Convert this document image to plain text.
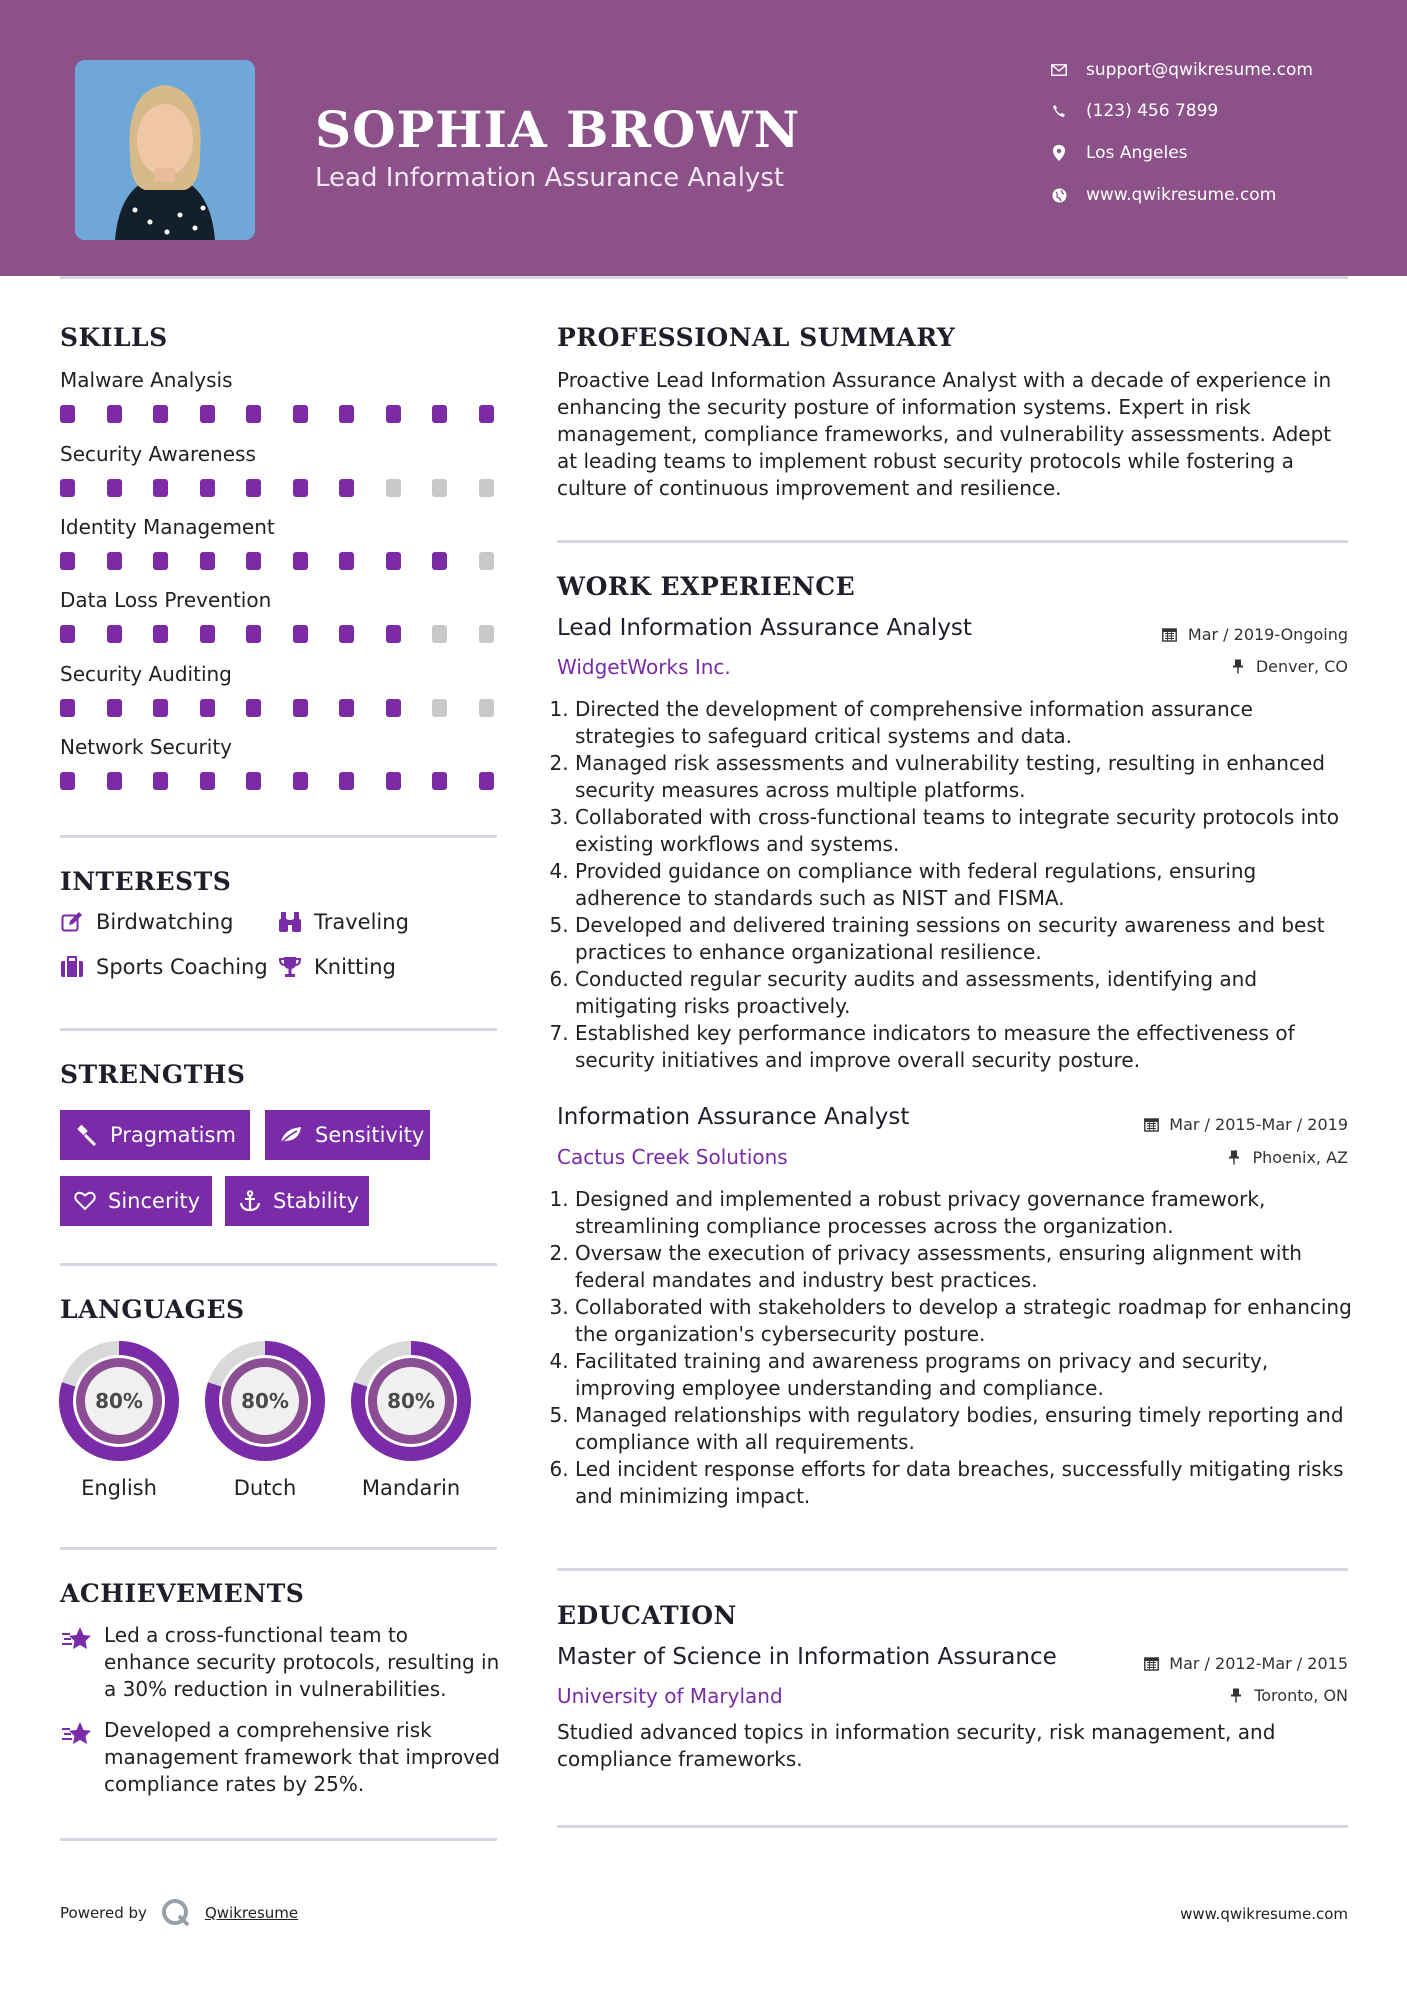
SOPHIA BROWN
Lead Information Assurance Analyst
support@qwikresume.com
(123) 456 7899
Los Angeles
www.qwikresume.com
SKILLS
Malware Analysis
Security Awareness
Identity Management
Data Loss Prevention
Security Auditing
Network Security
INTERESTS
Birdwatching	Traveling
Sports Coaching Knitting
STRENGTHS
Pragmatism	Sensitivity
Sincerity	Stability
LANGUAGES
80%
English
80%
Dutch
80%
Mandarin
ACHIEVEMENTS
Led a cross-functional team to enhance security protocols, resulting in a 30% reduction in vulnerabilities.
Developed a comprehensive risk management framework that improved compliance rates by 25%.
PROFESSIONAL SUMMARY
Proactive Lead Information Assurance Analyst with a decade of experience in enhancing the security posture of information systems. Expert in risk management, compliance frameworks, and vulnerability assessments. Adept at leading teams to implement robust security protocols while fostering a culture of continuous improvement and resilience.
WORK EXPERIENCE
Lead Information Assurance Analyst	Mar / 2019-Ongoing
WidgetWorks Inc.	Denver, CO
1. Directed the development of comprehensive information assurance strategies to safeguard critical systems and data.
2. Managed risk assessments and vulnerability testing, resulting in enhanced security measures across multiple platforms.
3. Collaborated with cross-functional teams to integrate security protocols into existing workflows and systems.
4. Provided guidance on compliance with federal regulations, ensuring adherence to standards such as NIST and FISMA.
5. Developed and delivered training sessions on security awareness and best practices to enhance organizational resilience.
6. Conducted regular security audits and assessments, identifying and mitigating risks proactively.
7. Established key performance indicators to measure the effectiveness of security initiatives and improve overall security posture.
Information Assurance Analyst	Mar / 2015-Mar / 2019
Cactus Creek Solutions	Phoenix, AZ
1. Designed and implemented a robust privacy governance framework, streamlining compliance processes across the organization.
2. Oversaw the execution of privacy assessments, ensuring alignment with federal mandates and industry best practices.
3. Collaborated with stakeholders to develop a strategic roadmap for enhancing the organization's cybersecurity posture.
4. Facilitated training and awareness programs on privacy and security, improving employee understanding and compliance.
5. Managed relationships with regulatory bodies, ensuring timely reporting and compliance with all requirements.
6. Led incident response efforts for data breaches, successfully mitigating risks and minimizing impact.
EDUCATION
Master of Science in Information Assurance	Mar / 2012-Mar / 2015
University of Maryland	Toronto, ON
Studied advanced topics in information security, risk management, and compliance frameworks.
Powered by	Qwikresume	www.qwikresume.com
